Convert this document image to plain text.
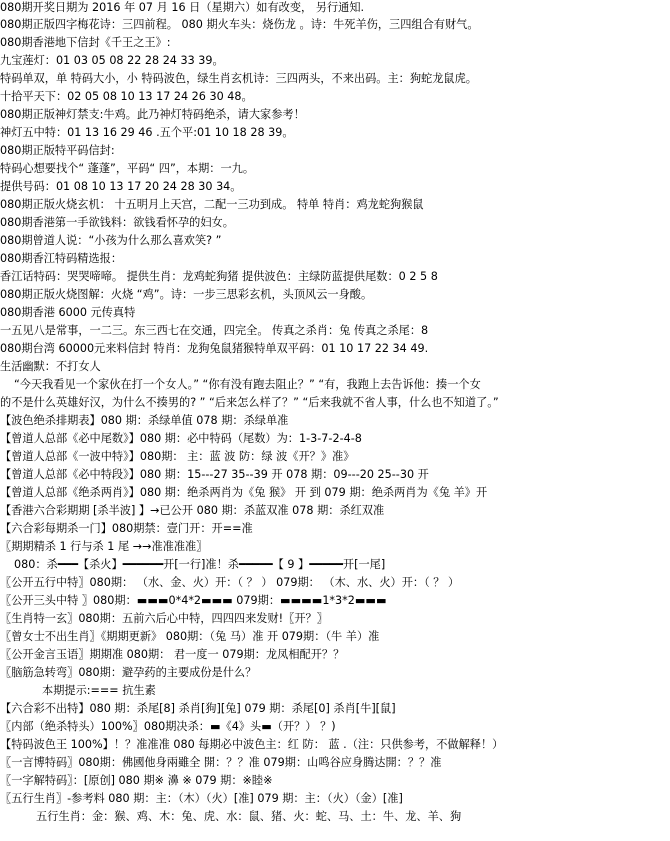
080期开奖日期为 2016 年 07 月 16 日（星期六）如有改变， 另行通知.
080期正版四字梅花诗：三四前程。 080 期火车头：烧伤龙 。诗：牛死羊伤，三四组合有财气。
080期香港地下信封《千王之王》:
九宝莲灯：01 03 05 08 22 28 24 33 39。
特码单双，单 特码大小，小 特码波色，绿生肖玄机诗：三四两头，不来出码。主：狗蛇龙鼠虎。
十拾平天下：02 05 08 10 13 17 24 26 30 48。
080期正版神灯禁支:牛鸡。此乃神灯特码绝杀，请大家参考！
神灯五中特：01 13 16 29 46 .五个平:01 10 18 28 39。
080期正版特平码信封:
特码心想要找个“ 蓬蓬”，平码“ 四”，本期：一九。
提供号码：01 08 10 13 17 20 24 28 30 34。
080期正版火烧玄机： 十五明月上天宫，二配一三功到成。 特单 特肖：鸡龙蛇狗猴鼠
080期香港第一手欲钱料：欲钱看怀孕的妇女。
080期曾道人说：“小孩为什么那么喜欢笑? ”
080期香江特码精选报：
香江话特码：哭哭啼啼。 提供生肖：龙鸡蛇狗猪 提供波色：主绿防蓝提供尾数：0 2 5 8
080期正版火烧图解：火烧 “鸡”。诗：一步三思彩玄机，头顶风云一身酸。
080期香港 6000 元传真特
一五见八是常事，一二三。东三西七在交通，四完全。 传真之杀肖：兔 传真之杀尾：8
080期台湾 60000元来料信封 特肖：龙狗兔鼠猪猴特单双平码：01 10 17 22 34 49.
生活幽默：不打女人
“今天我看见一个家伙在打一个女人。” “你有没有跑去阻止？” “有，我跑上去告诉他：揍一个女
的不是什么英雄好汉，为什么不揍男的? ” “后来怎么样了？” “后来我就不省人事，什么也不知道了。”
【波色绝杀排期表】080 期：杀绿单值 078 期：杀绿单准
【曾道人总部《必中尾数》】080 期：必中特码（尾数）为：1-3-7-2-4-8
【曾道人总部《一波中特》】080期： 主：蓝 波 防：绿 波《开？》准》
【曾道人总部《必中特段》】080 期：15---27 35--39 开 078 期：09---20 25--30 开
【曾道人总部《绝杀两肖》】080 期：绝杀两肖为《兔 猴》 开 到 079 期：绝杀两肖为《兔 羊》开
【香港六合彩期期 [杀半波] 】→已公开 080 期：杀蓝双准 078 期：杀红双准
【六合彩每期杀一门】080期禁：壹门开：开==准
〖期期精杀 1 行与杀 1 尾 →→准准准准〗
080：杀━━━【杀火】━━━━━━开[一行]准！杀━━━━━【 9 】━━━━━开[一尾]
〖公开五行中特〗080期： （水、金、火）开：（ ？ ） 079期： （木、水、火）开：（ ？ ）
〖公开三头中特 〗080期：▬▬▬0*4*2▬▬▬ 079期：▬▬▬▬1*3*2▬▬▬
〖生肖特一玄〗080期：五前六后心中特，四四四来发财!〖开？〗
〖曾女士不出生肖〗《期期更新》 080期：（兔 马）准 开 079期：（牛 羊）准
〖公开金言玉语〗期期准 080期： 君一度一 079期：龙凤相配开？？
〖脑筋急转弯〗080期：避孕药的主要成份是什么？
本期提示:=== 抗生素
【六合彩不出特】080 期：杀尾[8] 杀肖[狗][兔] 079 期：杀尾[0] 杀肖[牛][鼠]
〖内部（绝杀特头）100%〗080期决杀：▬《4》头▬（开？） ？)
【特码波色王 100%】！？准准准 080 每期必中波色主：红 防： 蓝 .（注：只供参考，不做解释！）
〖一言博特码〗080期：佛國他身兩雖全 開：？？准 079期：山鸣谷应身腾达開：？？准
〖一字解特码〗：[原创] 080 期※ 濞 ※ 079 期：※睦※
〖五行生肖〗-参考料 080 期：主：（木）（火）[准] 079 期：主：（火）（金）[准]
五行生肖：金：猴、鸡、木：兔、虎、水：鼠、猪、火：蛇、马、土：牛、龙、羊、狗
